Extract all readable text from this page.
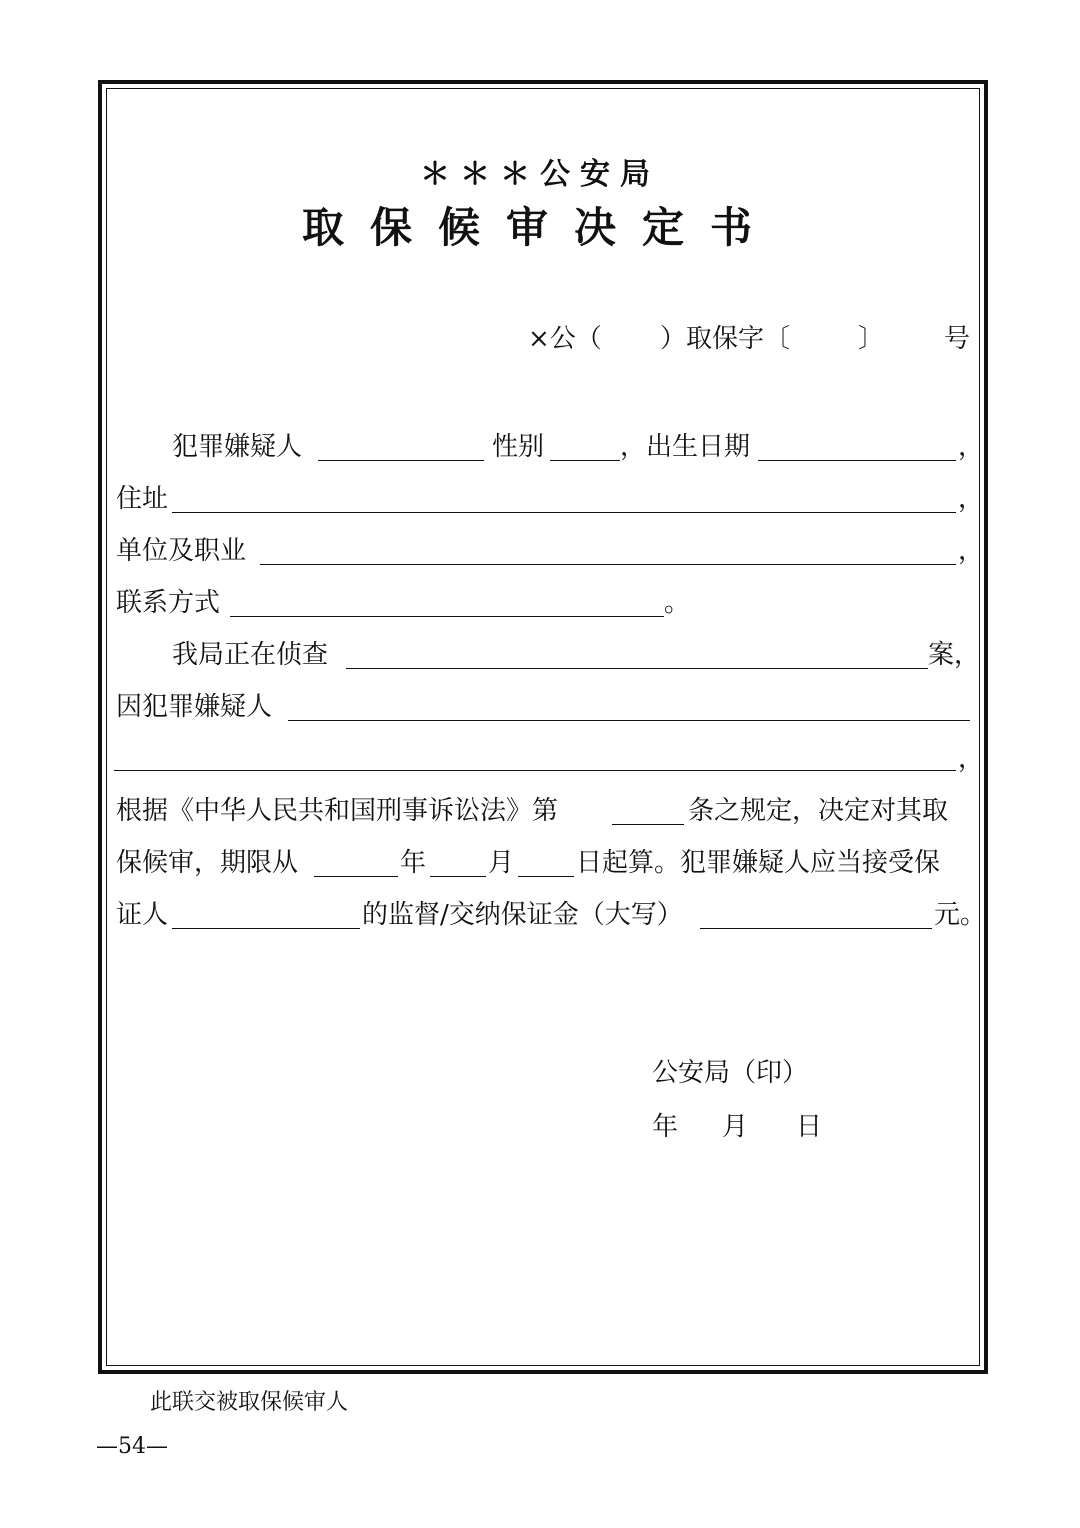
＊＊＊公安局
取保候审决定书
×公（ ）取保字〔	〕 号
犯罪嫌疑人	性别	，出生日期	，
住址	，
单位及职业	，
联系方式	。
我局正在侦查	案，
因犯罪嫌疑人
，
根据《中华人民共和国刑事诉讼法》第	条之规定，决定对其取
保候审，期限从	年 月 日起算。犯罪嫌疑人应当接受保
证人	的监督/交纳保证金（大写）	元。
公安局（印）
年 月 日
此联交被取保候审人
—54—
